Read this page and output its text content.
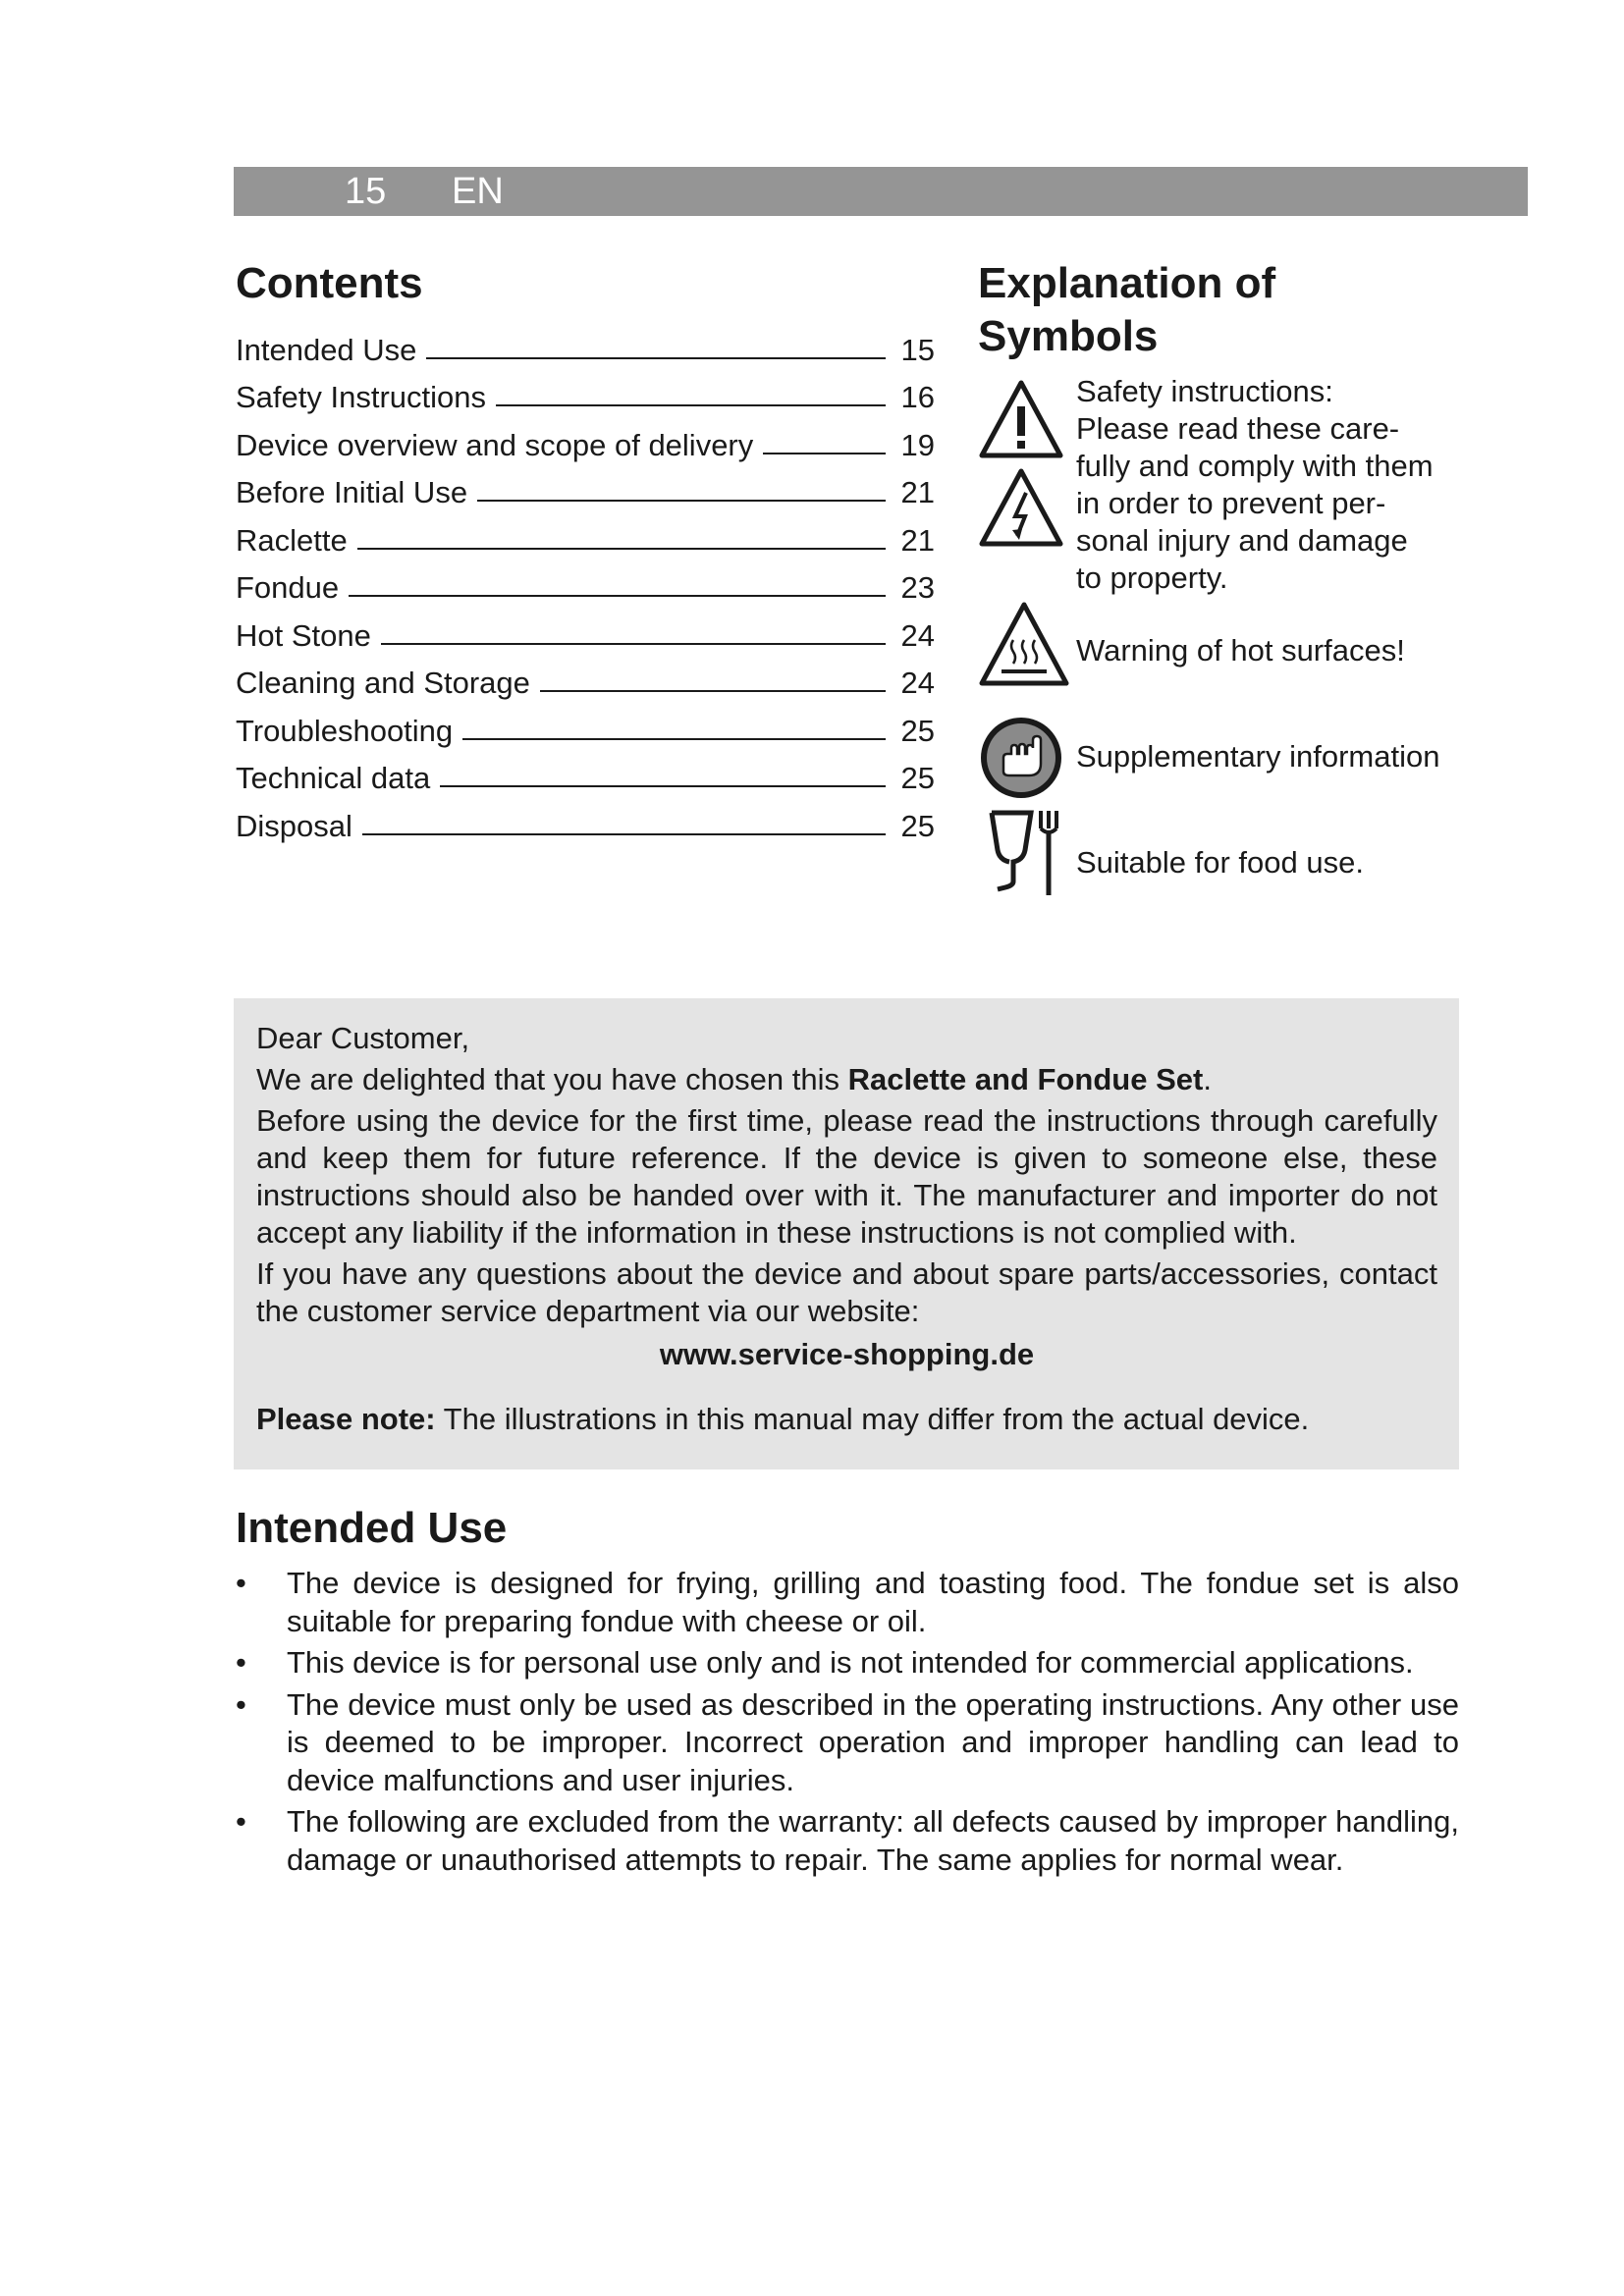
15 EN
Contents
Intended Use	15
Safety Instructions	16
Device overview and scope of delivery	19
Before Initial Use	21
Raclette	21
Fondue	23
Hot Stone	24
Cleaning and Storage	24
Troubleshooting	25
Technical data	25
Disposal	25
Explanation of
Symbols
Safety instructions:
Please read these care-
fully and comply with them
in order to prevent per-
sonal injury and damage
to property.
Warning of hot surfaces!
Supplementary information
Suitable for food use.

Dear Customer,

We are delighted that you have chosen this Raclette and Fondue Set.

Before using the device for the first time, please read the instructions through carefully and keep them for future reference. If the device is given to someone else, these instructions should also be handed over with it. The manufacturer and importer do not accept any liability if the information in these instructions is not complied with.

If you have any questions about the device and about spare parts/accessories, contact the customer service department via our website:

www.service-shopping.de

Please note: The illustrations in this manual may differ from the actual device.

Intended Use
• The device is designed for frying, grilling and toasting food. The fondue set is also suitable for preparing fondue with cheese or oil.
• This device is for personal use only and is not intended for commercial applications.
• The device must only be used as described in the operating instructions. Any other use is deemed to be improper. Incorrect operation and improper handling can lead to device malfunctions and user injuries.
• The following are excluded from the warranty: all defects caused by improper handling, damage or unauthorised attempts to repair. The same applies for normal wear.
